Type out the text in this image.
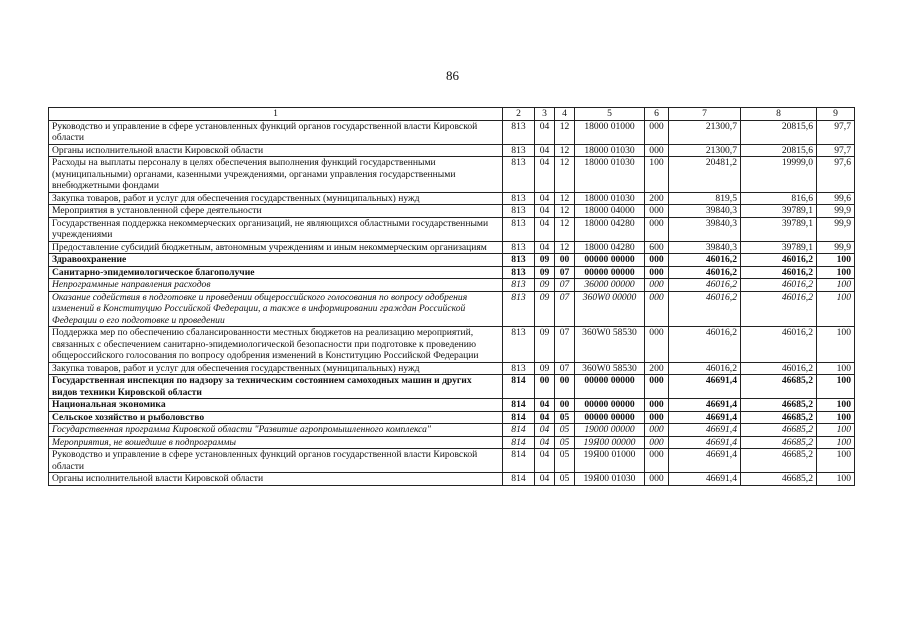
86
1	2	3	4	5	6	7	8	9
Руководство и управление в сфере установленных функций органов государственной власти Кировской области	813	04	12	18000 01000	000	21300,7	20815,6	97,7
Органы исполнительной власти Кировской области	813	04	12	18000 01030	000	21300,7	20815,6	97,7
Расходы на выплаты персоналу в целях обеспечения выполнения функций государственными (муниципальными) органами, казенными учреждениями, органами управления государственными внебюджетными фондами	813	04	12	18000 01030	100	20481,2	19999,0	97,6
Закупка товаров, работ и услуг для обеспечения государственных (муниципальных) нужд	813	04	12	18000 01030	200	819,5	816,6	99,6
Мероприятия в установленной сфере деятельности	813	04	12	18000 04000	000	39840,3	39789,1	99,9
Государственная поддержка некоммерческих организаций, не являющихся областными государственными учреждениями	813	04	12	18000 04280	000	39840,3	39789,1	99,9
Предоставление субсидий бюджетным, автономным учреждениям и иным некоммерческим организациям	813	04	12	18000 04280	600	39840,3	39789,1	99,9
Здравоохранение	813	09	00	00000 00000	000	46016,2	46016,2	100
Санитарно-эпидемиологическое благополучие	813	09	07	00000 00000	000	46016,2	46016,2	100
Непрограммные направления расходов	813	09	07	36000 00000	000	46016,2	46016,2	100
Оказание содействия в подготовке и проведении общероссийского голосования по вопросу одобрения изменений в Конституцию Российской Федерации, а также в информировании граждан Российской Федерации о его подготовке и проведении	813	09	07	360W0 00000	000	46016,2	46016,2	100
Поддержка мер по обеспечению сбалансированности местных бюджетов на реализацию мероприятий, связанных с обеспечением санитарно-эпидемиологической безопасности при подготовке к проведению общероссийского голосования по вопросу одобрения изменений в Конституцию Российской Федерации	813	09	07	360W0 58530	000	46016,2	46016,2	100
Закупка товаров, работ и услуг для обеспечения государственных (муниципальных) нужд	813	09	07	360W0 58530	200	46016,2	46016,2	100
Государственная инспекция по надзору за техническим состоянием самоходных машин и других видов техники Кировской области	814	00	00	00000 00000	000	46691,4	46685,2	100
Национальная экономика	814	04	00	00000 00000	000	46691,4	46685,2	100
Сельское хозяйство и рыболовство	814	04	05	00000 00000	000	46691,4	46685,2	100
Государственная программа Кировской области "Развитие агропромышленного комплекса"	814	04	05	19000 00000	000	46691,4	46685,2	100
Мероприятия, не вошедшие в подпрограммы	814	04	05	19Я00 00000	000	46691,4	46685,2	100
Руководство и управление в сфере установленных функций органов государственной власти Кировской области	814	04	05	19Я00 01000	000	46691,4	46685,2	100
Органы исполнительной власти Кировской области	814	04	05	19Я00 01030	000	46691,4	46685,2	100
